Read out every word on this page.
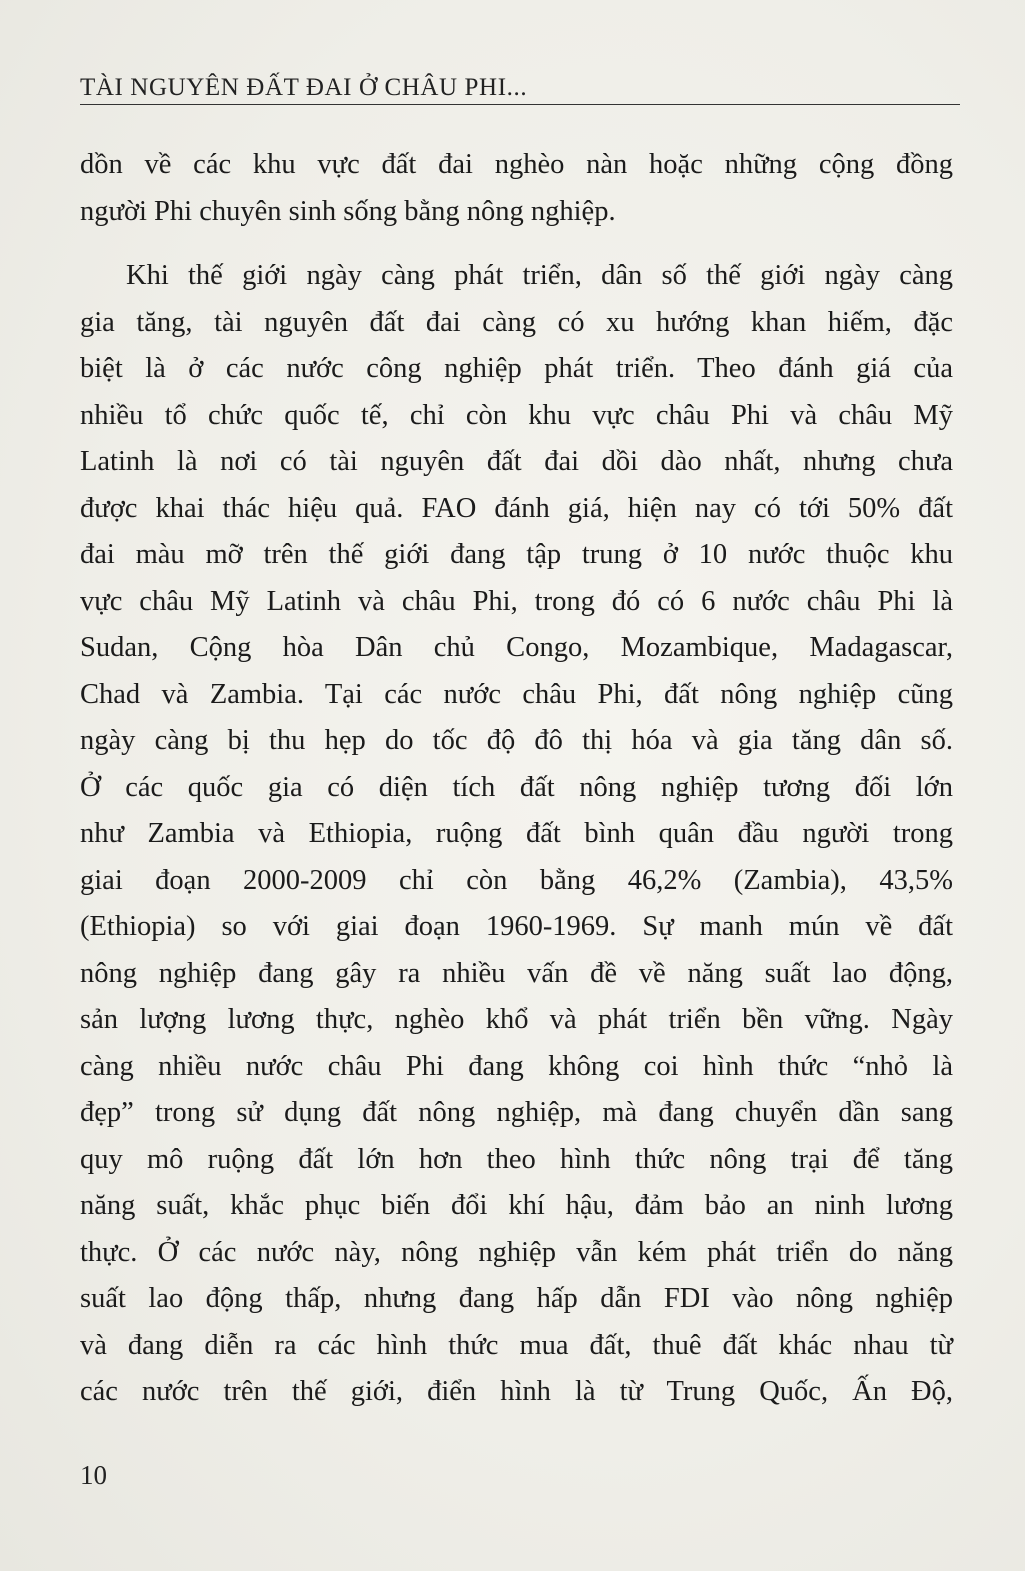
TÀI NGUYÊN ĐẤT ĐAI Ở CHÂU PHI...
dồn về các khu vực đất đai nghèo nàn hoặc những cộng đồng
người Phi chuyên sinh sống bằng nông nghiệp.
Khi thế giới ngày càng phát triển, dân số thế giới ngày càng
gia tăng, tài nguyên đất đai càng có xu hướng khan hiếm, đặc
biệt là ở các nước công nghiệp phát triển. Theo đánh giá của
nhiều tổ chức quốc tế, chỉ còn khu vực châu Phi và châu Mỹ
Latinh là nơi có tài nguyên đất đai dồi dào nhất, nhưng chưa
được khai thác hiệu quả. FAO đánh giá, hiện nay có tới 50% đất
đai màu mỡ trên thế giới đang tập trung ở 10 nước thuộc khu
vực châu Mỹ Latinh và châu Phi, trong đó có 6 nước châu Phi là
Sudan, Cộng hòa Dân chủ Congo, Mozambique, Madagascar,
Chad và Zambia. Tại các nước châu Phi, đất nông nghiệp cũng
ngày càng bị thu hẹp do tốc độ đô thị hóa và gia tăng dân số.
Ở các quốc gia có diện tích đất nông nghiệp tương đối lớn
như Zambia và Ethiopia, ruộng đất bình quân đầu người trong
giai đoạn 2000-2009 chỉ còn bằng 46,2% (Zambia), 43,5%
(Ethiopia) so với giai đoạn 1960-1969. Sự manh mún về đất
nông nghiệp đang gây ra nhiều vấn đề về năng suất lao động,
sản lượng lương thực, nghèo khổ và phát triển bền vững. Ngày
càng nhiều nước châu Phi đang không coi hình thức “nhỏ là
đẹp” trong sử dụng đất nông nghiệp, mà đang chuyển dần sang
quy mô ruộng đất lớn hơn theo hình thức nông trại để tăng
năng suất, khắc phục biến đổi khí hậu, đảm bảo an ninh lương
thực. Ở các nước này, nông nghiệp vẫn kém phát triển do năng
suất lao động thấp, nhưng đang hấp dẫn FDI vào nông nghiệp
và đang diễn ra các hình thức mua đất, thuê đất khác nhau từ
các nước trên thế giới, điển hình là từ Trung Quốc, Ấn Độ,
10
